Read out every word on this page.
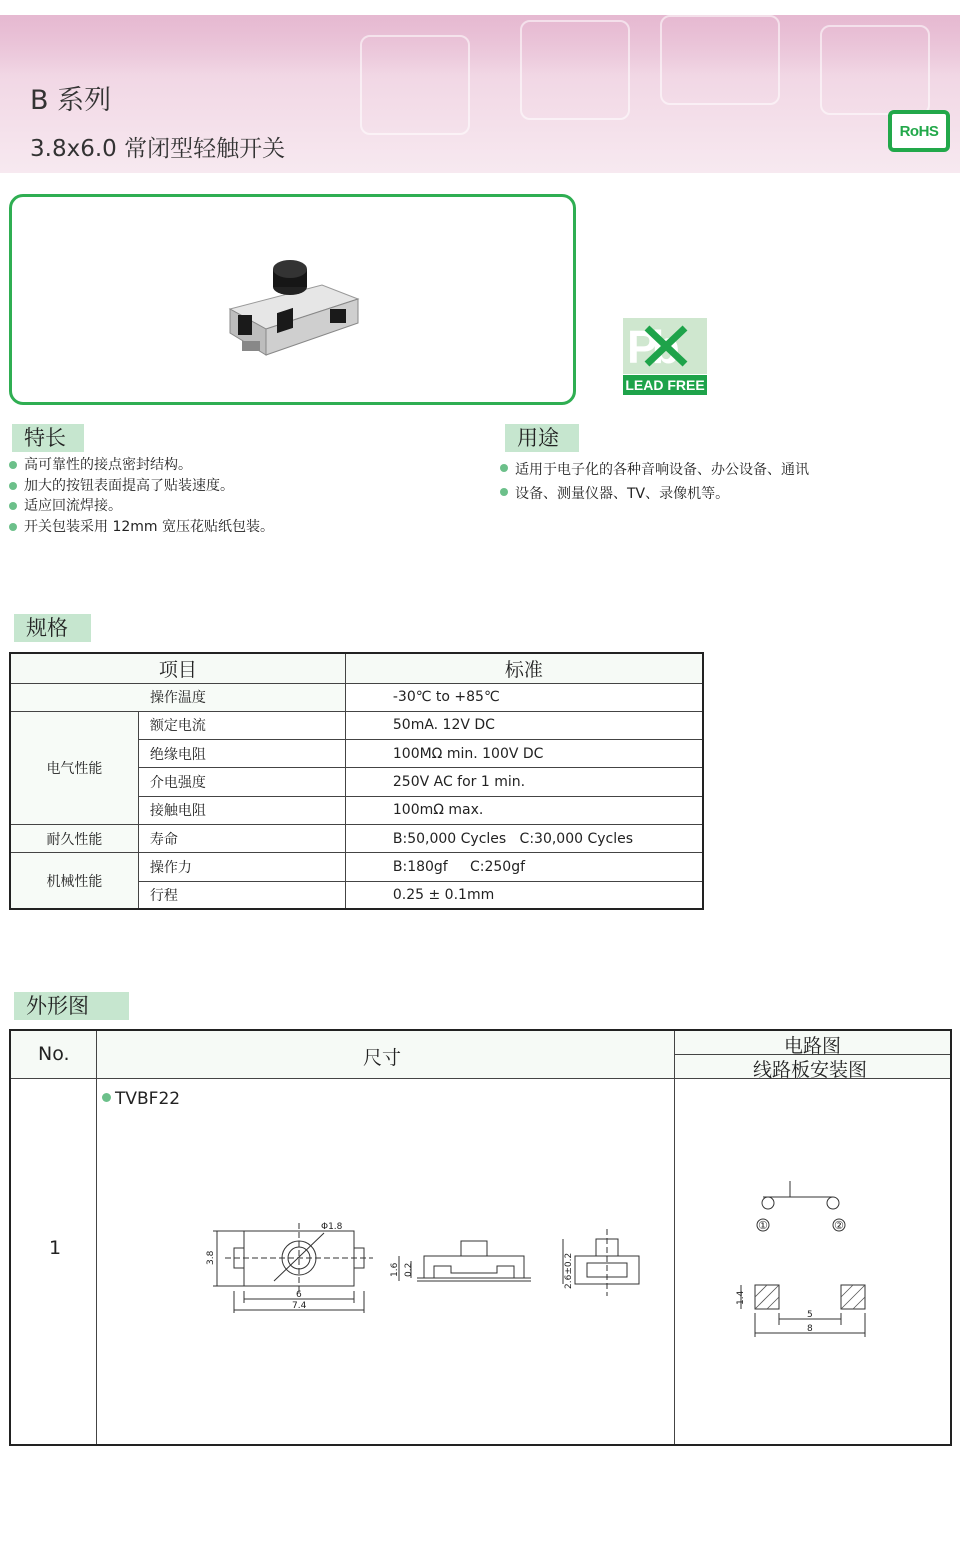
B 系列
3.8x6.0 常闭型轻触开关
RoHS
Pb
LEAD FREE
特长
高可靠性的接点密封结构。
加大的按钮表面提高了贴装速度。
适应回流焊接。
开关包装采用 12mm 宽压花贴纸包装。
用途
适用于电子化的各种音响设备、办公设备、通讯
设备、测量仪器、TV、录像机等。
规格
项目		标准
操作温度		-30℃ to +85℃
电气性能	额定电流	50mA. 12V DC
	绝缘电阻	100MΩ min. 100V DC
	介电强度	250V AC for 1 min.
	接触电阻	100mΩ max.
耐久性能	寿命	B:50,000 Cycles   C:30,000 Cycles
机械性能	操作力	B:180gf     C:250gf
	行程	0.25 ± 0.1mm
外形图
No.	尺寸
电路图
线路板安装图
1
TVBF22
Φ1.8
3.8
6
7.4
1.6 0.2	2.6±0.2
①	②
1.4
5
8
